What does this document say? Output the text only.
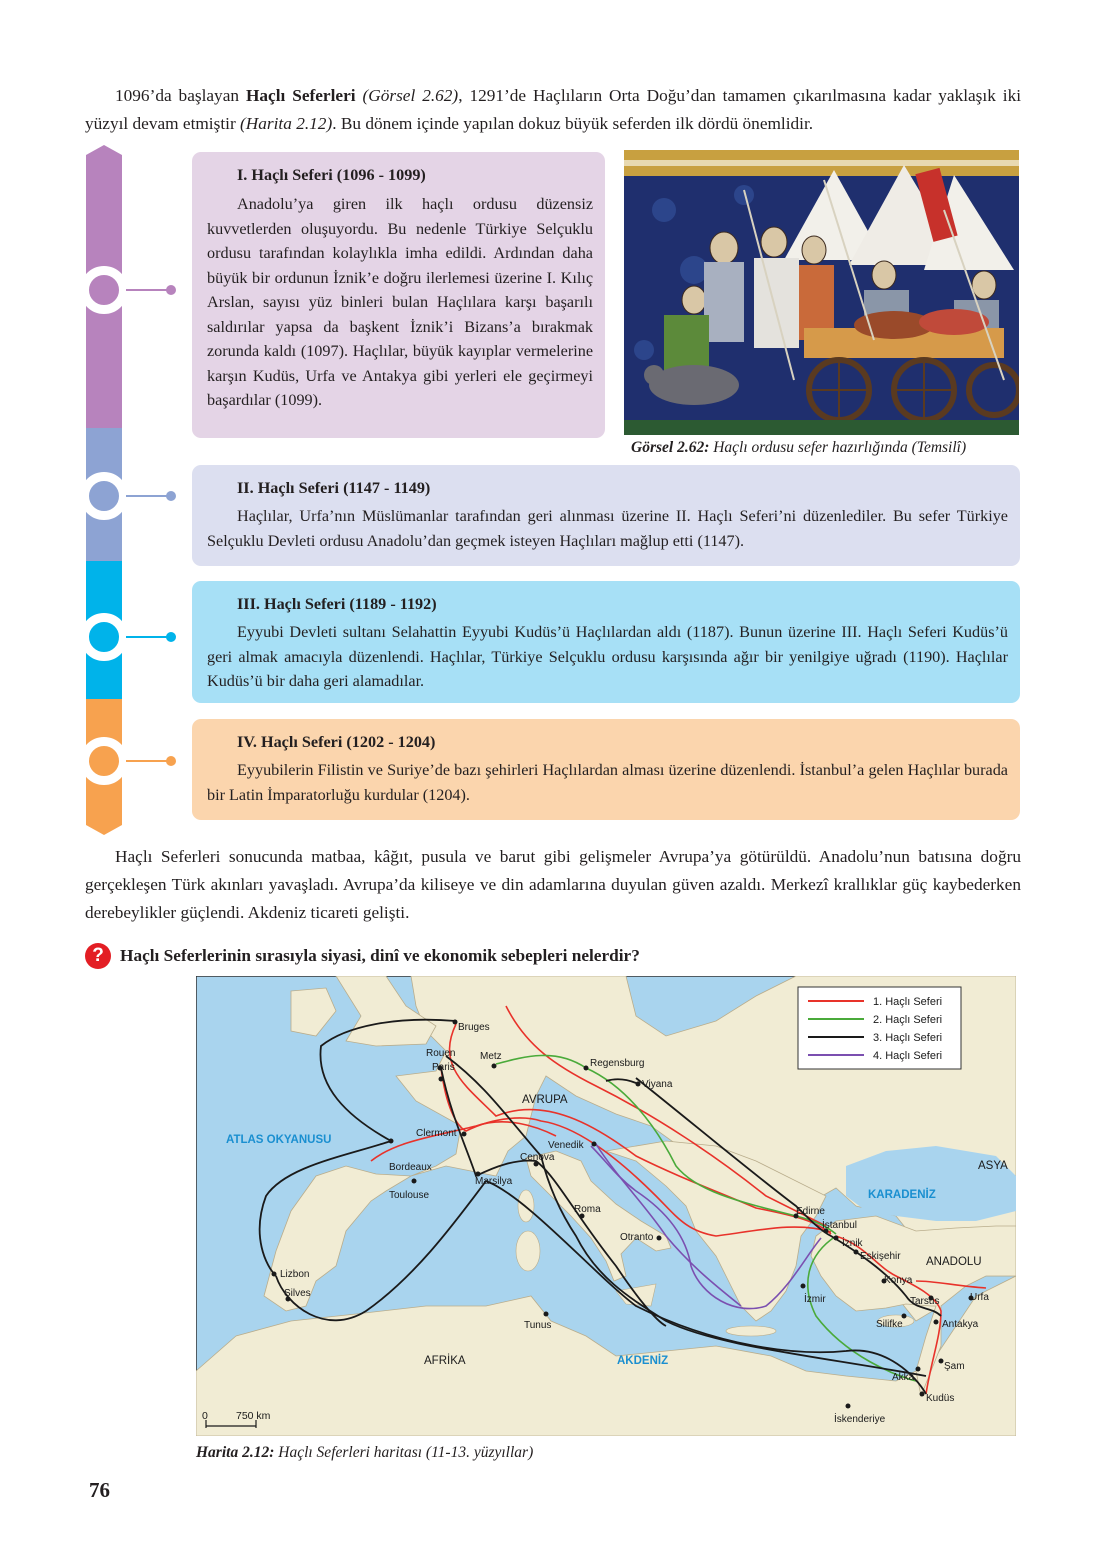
1096’da başlayan Haçlı Seferleri (Görsel 2.62), 1291’de Haçlıların Orta Doğu’dan tamamen çıkarılmasına kadar yaklaşık iki yüzyıl devam etmiştir (Harita 2.12). Bu dönem içinde yapılan dokuz büyük seferden ilk dördü önemlidir.
I. Haçlı Seferi (1096 - 1099)
Anadolu’ya giren ilk haçlı ordusu düzensiz kuvvetlerden oluşuyordu. Bu nedenle Türkiye Selçuklu ordusu tarafından kolaylıkla imha edildi. Ardından daha büyük bir ordunun İznik’e doğru ilerlemesi üzerine I. Kılıç Arslan, sayısı yüz binleri bulan Haçlılara karşı başarılı saldırılar yapsa da başkent İznik’i Bizans’a bırakmak zorunda kaldı (1097). Haçlılar, büyük kayıplar vermelerine karşın Kudüs, Urfa ve Antakya gibi yerleri ele geçirmeyi başardılar (1099).
II. Haçlı Seferi (1147 - 1149)
Haçlılar, Urfa’nın Müslümanlar tarafından geri alınması üzerine II. Haçlı Seferi’ni düzenlediler. Bu sefer Türkiye Selçuklu Devleti ordusu Anadolu’dan geçmek isteyen Haçlıları mağlup etti (1147).
III. Haçlı Seferi (1189 - 1192)
Eyyubi Devleti sultanı Selahattin Eyyubi Kudüs’ü Haçlılardan aldı (1187). Bunun üzerine III. Haçlı Seferi Kudüs’ü geri almak amacıyla düzenlendi. Haçlılar, Türkiye Selçuklu ordusu karşısında ağır bir yenilgiye uğradı (1190). Haçlılar Kudüs’ü bir daha geri alamadılar.
IV. Haçlı Seferi (1202 - 1204)
Eyyubilerin Filistin ve Suriye’de bazı şehirleri Haçlılardan alması üzerine düzenlendi. İstanbul’a gelen Haçlılar burada bir Latin İmparatorluğu kurdular (1204).
Görsel 2.62: Haçlı ordusu sefer hazırlığında (Temsilî)
Haçlı Seferleri sonucunda matbaa, kâğıt, pusula ve barut gibi gelişmeler Avrupa’ya götürüldü. Anadolu’nun batısına doğru gerçekleşen Türk akınları yavaşladı. Avrupa’da kiliseye ve din adamlarına duyulan güven azaldı. Merkezî krallıklar güç kaybederken derebeylikler güçlendi. Akdeniz ticareti gelişti.
? Haçlı Seferlerinin sırasıyla siyasi, dinî ve ekonomik sebepleri nelerdir?
Bruges
Rouen
Paris
Metz
Regensburg
Viyana
Clermont
Bordeaux
Toulouse
Marsilya
Cenova
Venedik
Roma
Otranto
Edirne
İstanbul
İznik
Eskişehir
Konya
Tarsus	Urfa
İzmir
Silifke	Antakya
Şam
Akka
Kudüs
İskenderiye
Tunus
Lizbon
Silves
ATLAS OKYANUSU
AVRUPA
KARADENİZ
ASYA
ANADOLU
AFRİKA	AKDENİZ
1. Haçlı Seferi
2. Haçlı Seferi
3. Haçlı Seferi
4. Haçlı Seferi
0	750 km
Harita 2.12: Haçlı Seferleri haritası (11-13. yüzyıllar)
76
